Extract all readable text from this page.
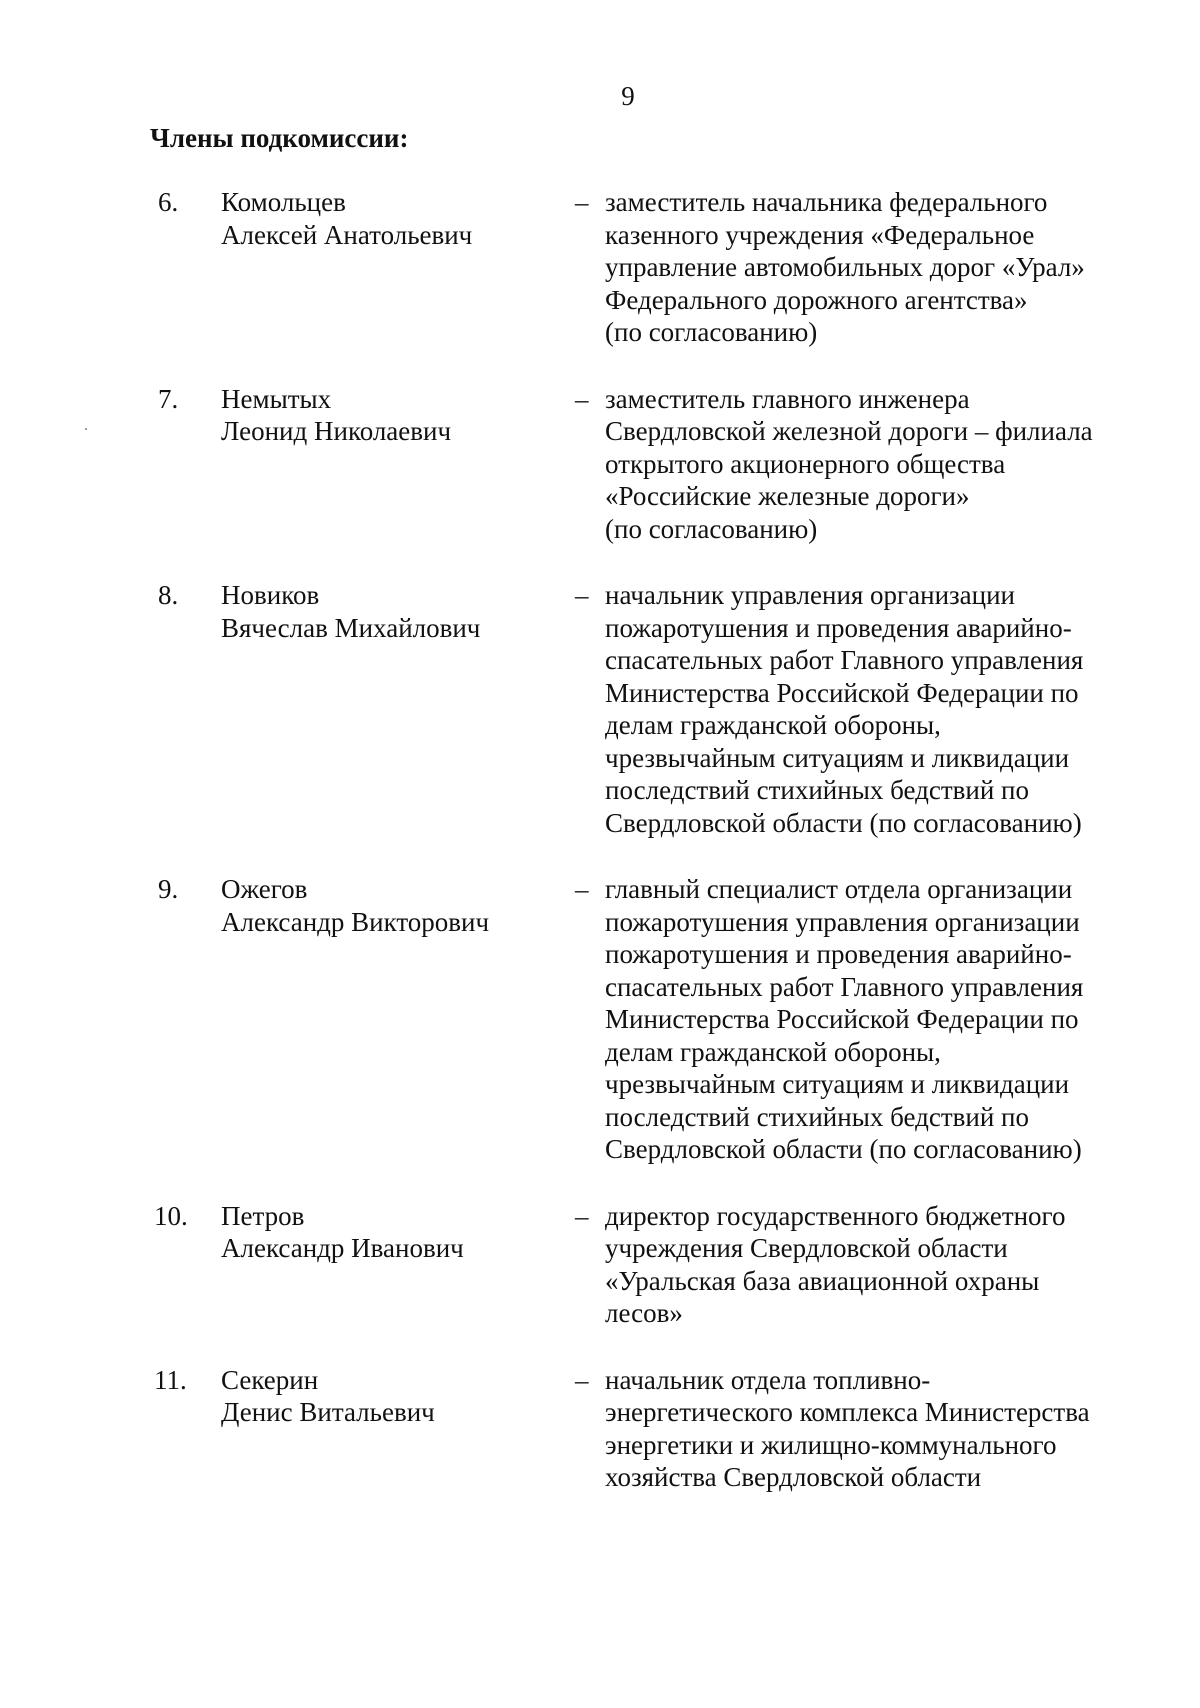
9
Члены подкомиссии:
6. Комольцев
Алексей Анатольевич
– заместитель начальника федерального
казенного учреждения «Федеральное
управление автомобильных дорог «Урал»
Федерального дорожного агентства»
(по согласованию)
7. Немытых
Леонид Николаевич
– заместитель главного инженера
Свердловской железной дороги – филиала
открытого акционерного общества
«Российские железные дороги»
(по согласованию)
8. Новиков
Вячеслав Михайлович
– начальник управления организации
пожаротушения и проведения аварийно-
спасательных работ Главного управления
Министерства Российской Федерации по
делам гражданской обороны,
чрезвычайным ситуациям и ликвидации
последствий стихийных бедствий по
Свердловской области (по согласованию)
9. Ожегов
Александр Викторович
– главный специалист отдела организации
пожаротушения управления организации
пожаротушения и проведения аварийно-
спасательных работ Главного управления
Министерства Российской Федерации по
делам гражданской обороны,
чрезвычайным ситуациям и ликвидации
последствий стихийных бедствий по
Свердловской области (по согласованию)
10. Петров
Александр Иванович
– директор государственного бюджетного
учреждения Свердловской области
«Уральская база авиационной охраны
лесов»
11. Секерин
Денис Витальевич
– начальник отдела топливно-
энергетического комплекса Министерства
энергетики и жилищно-коммунального
хозяйства Свердловской области
